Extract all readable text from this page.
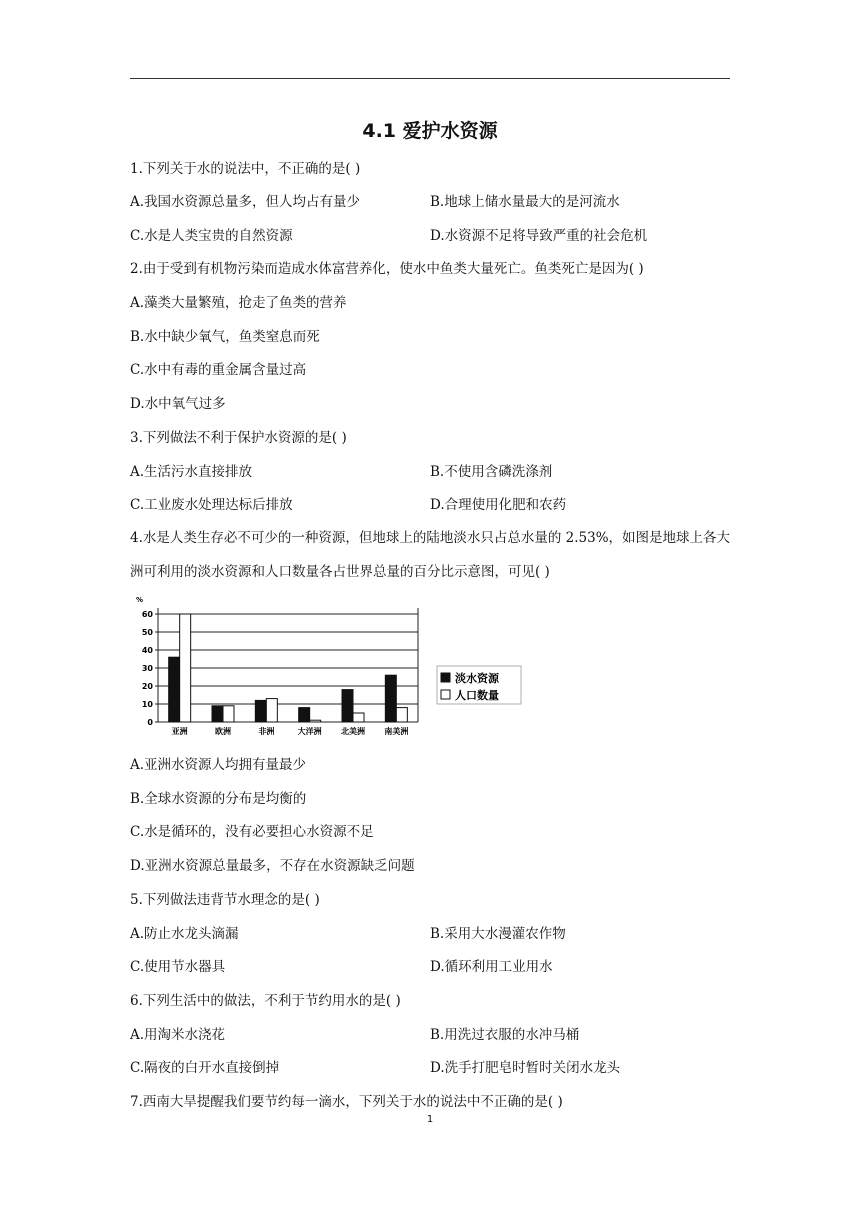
4.1 爱护水资源
1.下列关于水的说法中，不正确的是( )
A.我国水资源总量多，但人均占有量少	B.地球上储水量最大的是河流水
C.水是人类宝贵的自然资源	D.水资源不足将导致严重的社会危机
2.由于受到有机物污染而造成水体富营养化，使水中鱼类大量死亡。鱼类死亡是因为( )
A.藻类大量繁殖，抢走了鱼类的营养
B.水中缺少氧气，鱼类窒息而死
C.水中有毒的重金属含量过高
D.水中氧气过多
3.下列做法不利于保护水资源的是( )
A.生活污水直接排放	B.不使用含磷洗涤剂
C.工业废水处理达标后排放	D.合理使用化肥和农药
4.水是人类生存必不可少的一种资源，但地球上的陆地淡水只占总水量的 2.53%，如图是地球上各大洲可利用的淡水资源和人口数量各占世界总量的百分比示意图，可见( )
%
0
10
20
30
40
50
60
亚洲	欧洲	非洲	大洋洲 北美洲 南美洲
淡水资源
人口数量
A.亚洲水资源人均拥有量最少
B.全球水资源的分布是均衡的
C.水是循环的，没有必要担心水资源不足
D.亚洲水资源总量最多，不存在水资源缺乏问题
5.下列做法违背节水理念的是( )
A.防止水龙头滴漏	B.采用大水漫灌农作物
C.使用节水器具	D.循环利用工业用水
6.下列生活中的做法，不利于节约用水的是( )
A.用淘米水浇花	B.用洗过衣服的水冲马桶
C.隔夜的白开水直接倒掉	D.洗手打肥皂时暂时关闭水龙头
7.西南大旱提醒我们要节约每一滴水，下列关于水的说法中不正确的是( )
1
